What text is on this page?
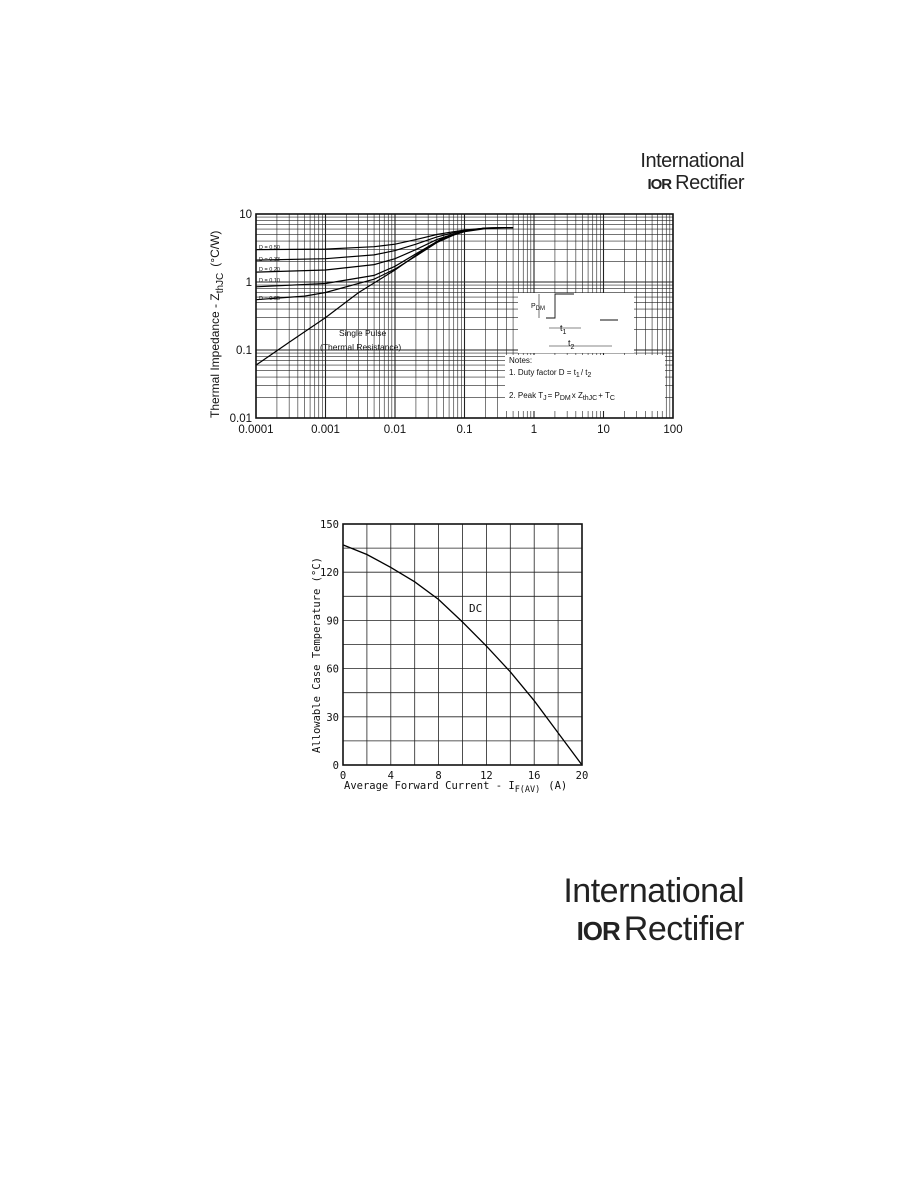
International
IOR Rectifier
0.0001	0.001	0.01	0.1	1	10	100
0.01
0.1
1
10
Thermal Impedance - $Z_{thJC}(^\circ C/W)$	D = 0.50
D = 0.33
D = 0.20
D = 0.10
D = 0.05
Single Pulse
(Thermal Resistance)
PDM
$t_1$
$t_2$
Notes:
1. Duty factor D = t1/ t2
2. Peak TJ= PDMx ZthJC+ TC
0	4	8	12	16	20
0
30
60
90
120
150
DC
Allowable Case Temperature (°C)
Average Forward Current - $I_{F(AV)}$ (A)
International
IOR Rectifier
